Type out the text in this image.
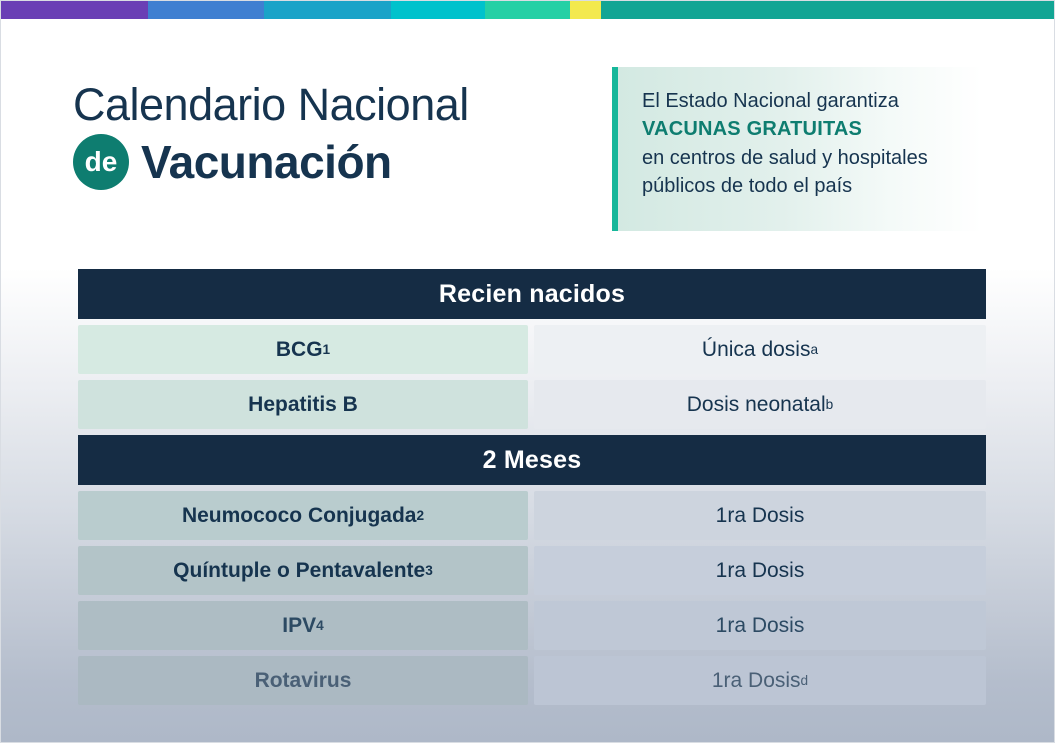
Calendario Nacional
de Vacunación
El Estado Nacional garantiza
VACUNAS GRATUITAS
en centros de salud y hospitales
públicos de todo el país
Recien nacidos
BCG 1	Única dosis a
Hepatitis B	Dosis neonatal b
2 Meses
Neumococo Conjugada 2	1ra Dosis
Quíntuple o Pentavalente 3	1ra Dosis
IPV 4	1ra Dosis
Rotavirus	1ra Dosis d
